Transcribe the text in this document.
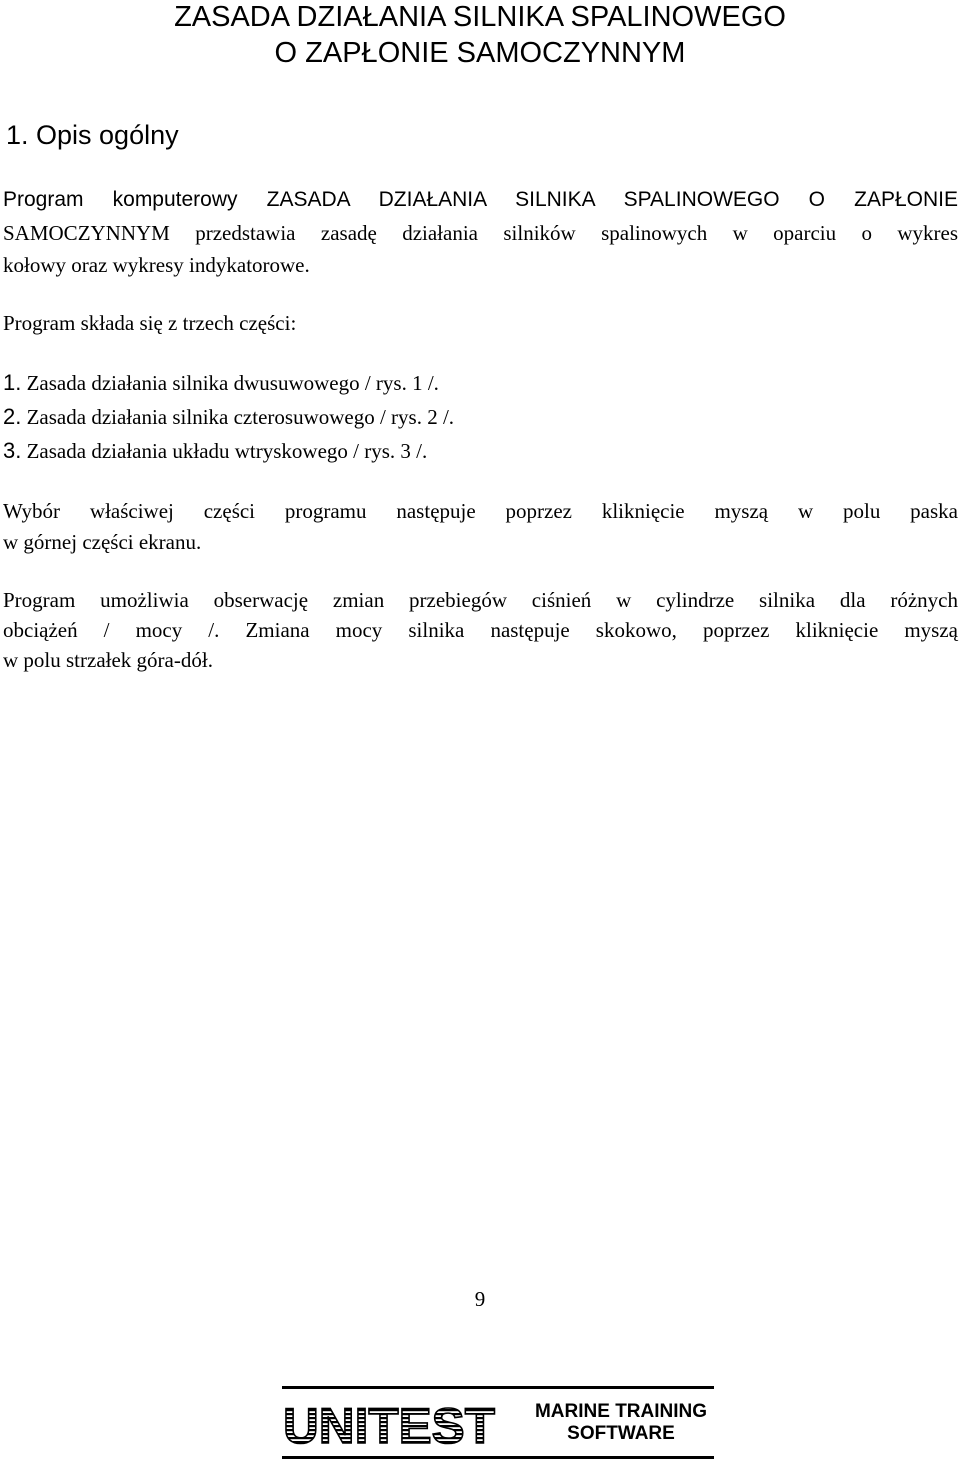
ZASADA DZIAŁANIA SILNIKA SPALINOWEGO
O ZAPŁONIE SAMOCZYNNYM
1. Opis ogólny
Program komputerowy ZASADA DZIAŁANIA SILNIKA SPALINOWEGO O ZAPŁONIE
SAMOCZYNNYM przedstawia zasadę działania silników spalinowych w oparciu o wykres
kołowy oraz wykresy indykatorowe.
Program składa się z trzech części:
1. Zasada działania silnika dwusuwowego / rys. 1 /.
2. Zasada działania silnika czterosuwowego / rys. 2 /.
3. Zasada działania układu wtryskowego / rys. 3 /.
Wybór właściwej części programu następuje poprzez kliknięcie myszą w polu paska
w górnej części ekranu.
Program umożliwia obserwację zmian przebiegów ciśnień w cylindrze silnika dla różnych
obciążeń / mocy /. Zmiana mocy silnika następuje skokowo, poprzez kliknięcie myszą
w polu strzałek góra-dół.
9
UNITEST	MARINE TRAINING
SOFTWARE
